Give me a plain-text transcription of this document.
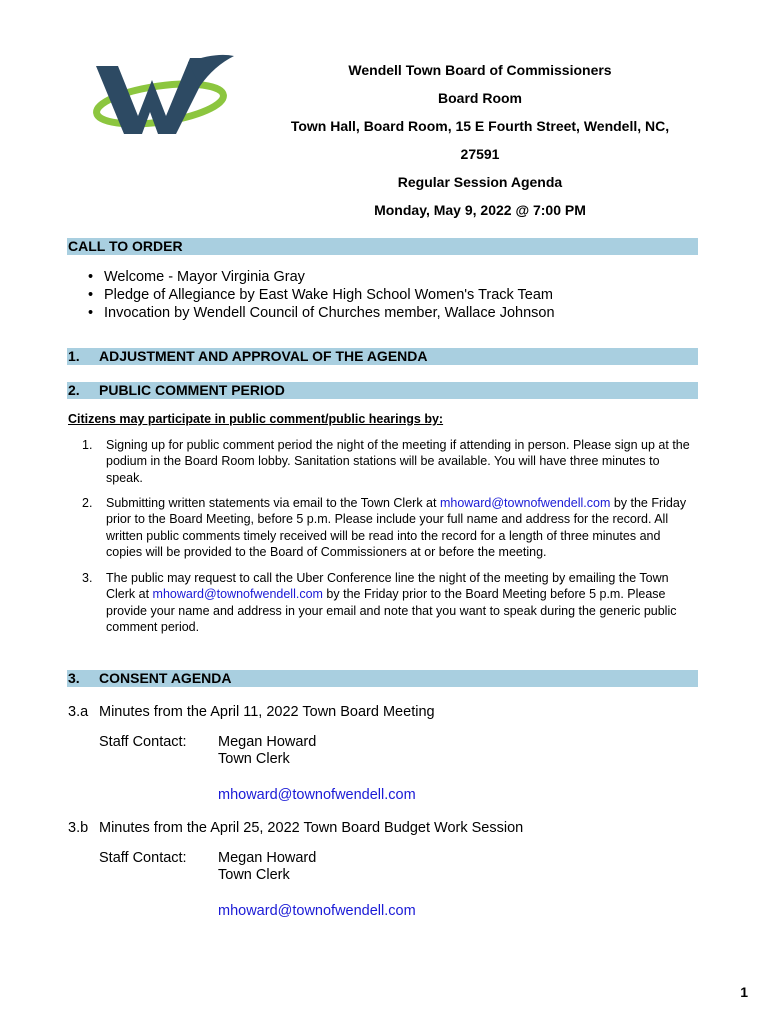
Wendell Town Board of Commissioners
Board Room
Town Hall, Board Room, 15 E Fourth Street, Wendell, NC,
27591
Regular Session Agenda
Monday, May 9, 2022 @ 7:00 PM
CALL TO ORDER
• Welcome - Mayor Virginia Gray
• Pledge of Allegiance by East Wake High School Women's Track Team
• Invocation by Wendell Council of Churches member, Wallace Johnson
1. ADJUSTMENT AND APPROVAL OF THE AGENDA
2. PUBLIC COMMENT PERIOD
Citizens may participate in public comment/public hearings by:
1. Signing up for public comment period the night of the meeting if attending in person. Please sign up at the podium in the Board Room lobby. Sanitation stations will be available. You will have three minutes to speak.
2. Submitting written statements via email to the Town Clerk at mhoward@townofwendell.com by the Friday prior to the Board Meeting, before 5 p.m. Please include your full name and address for the record. All written public comments timely received will be read into the record for a length of three minutes and copies will be provided to the Board of Commissioners at or before the meeting.
3. The public may request to call the Uber Conference line the night of the meeting by emailing the Town Clerk at mhoward@townofwendell.com by the Friday prior to the Board Meeting before 5 p.m. Please provide your name and address in your email and note that you want to speak during the generic public comment period.
3. CONSENT AGENDA
3.a Minutes from the April 11, 2022 Town Board Meeting
Staff Contact: Megan Howard
Town Clerk
mhoward@townofwendell.com
3.b Minutes from the April 25, 2022 Town Board Budget Work Session
Staff Contact: Megan Howard
Town Clerk
mhoward@townofwendell.com
1
